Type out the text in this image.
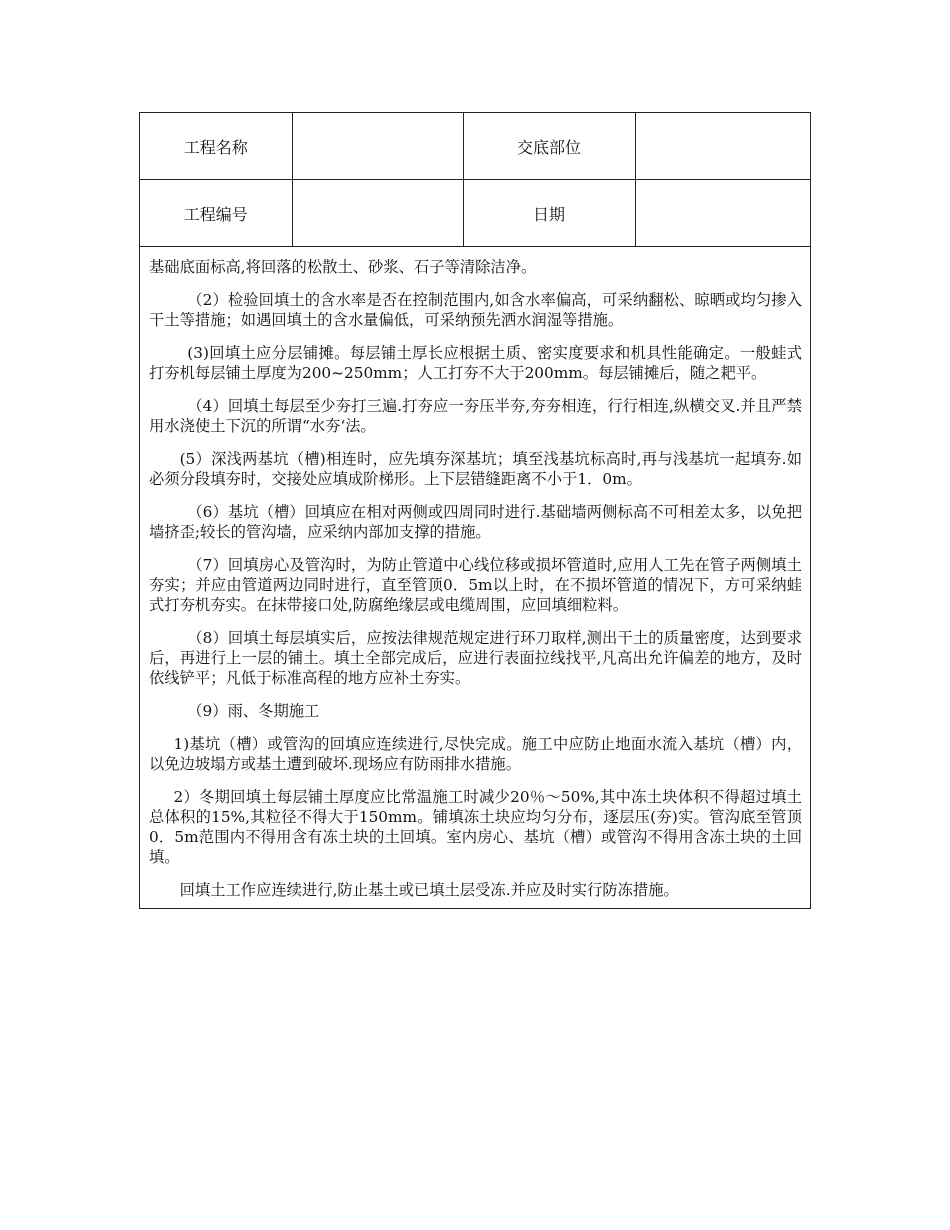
工程名称		交底部位	
工程编号		日期	

基础底面标高,将回落的松散土、砂浆、石子等清除洁净。

（2）检验回填土的含水率是否在控制范围内,如含水率偏高，可采纳翻松、晾晒或均匀掺入干土等措施；如遇回填土的含水量偏低，可采纳预先洒水润湿等措施。

(3)回填土应分层铺摊。每层铺土厚长应根据土质、密实度要求和机具性能确定。一般蛙式打夯机每层铺土厚度为200~250mm；人工打夯不大于200mm。每层铺摊后，随之耙平。

（4）回填土每层至少夯打三遍.打夯应一夯压半夯,夯夯相连，行行相连,纵横交叉.并且严禁用水浇使土下沉的所谓“水夯‘法。

(5）深浅两基坑（槽)相连时，应先填夯深基坑；填至浅基坑标高时,再与浅基坑一起填夯.如必须分段填夯时，交接处应填成阶梯形。上下层错缝距离不小于1．0m。

（6）基坑（槽）回填应在相对两侧或四周同时进行.基础墙两侧标高不可相差太多，以免把墙挤歪;较长的管沟墙，应采纳内部加支撑的措施。

（7）回填房心及管沟时，为防止管道中心线位移或损坏管道时,应用人工先在管子两侧填土夯实；并应由管道两边同时进行，直至管顶0．5m以上时，在不损坏管道的情况下，方可采纳蛙式打夯机夯实。在抹带接口处,防腐绝缘层或电缆周围，应回填细粒料。

（8）回填土每层填实后，应按法律规范规定进行环刀取样,测出干土的质量密度，达到要求后，再进行上一层的铺土。填土全部完成后，应进行表面拉线找平,凡高出允许偏差的地方，及时依线铲平；凡低于标准高程的地方应补土夯实。

（9）雨、冬期施工

1)基坑（槽）或管沟的回填应连续进行,尽快完成。施工中应防止地面水流入基坑（槽）内，以免边坡塌方或基土遭到破坏.现场应有防雨排水措施。

2）冬期回填土每层铺土厚度应比常温施工时减少20％～50%,其中冻土块体积不得超过填土总体积的15%,其粒径不得大于150mm。铺填冻土块应均匀分布，逐层压(夯)实。管沟底至管顶0．5m范围内不得用含有冻土块的土回填。室内房心、基坑（槽）或管沟不得用含冻土块的土回填。

回填土工作应连续进行,防止基土或已填土层受冻.并应及时实行防冻措施。
